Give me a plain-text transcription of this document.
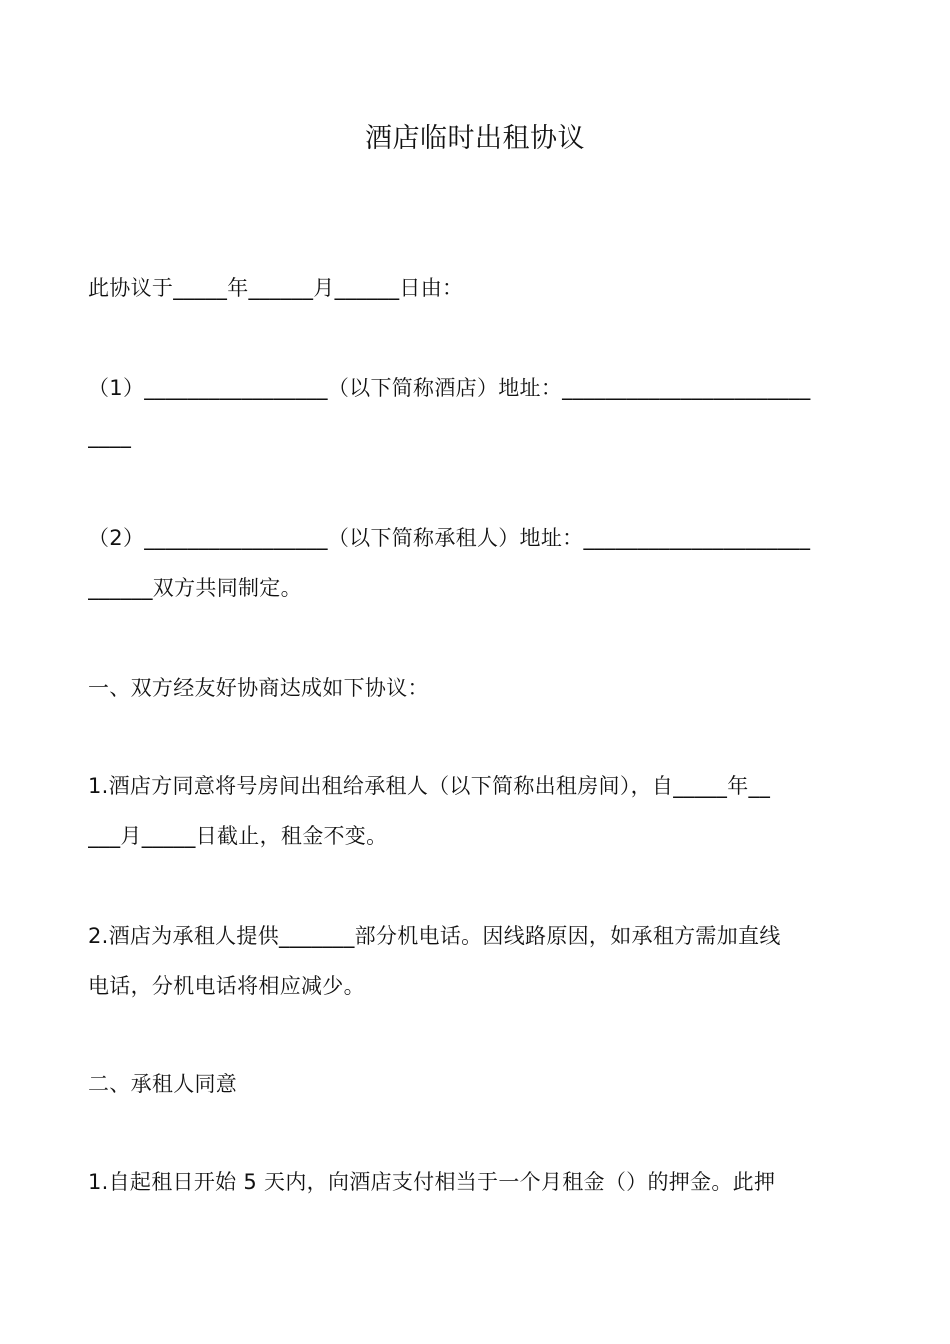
酒店临时出租协议
此协议于_____年______月______日由：
（1）_________________（以下简称酒店）地址：_______________________
____
（2）_________________（以下简称承租人）地址：_____________________
______双方共同制定。
一、双方经友好协商达成如下协议：
1.酒店方同意将号房间出租给承租人（以下简称出租房间），自_____年__
___月_____日截止，租金不变。
2.酒店为承租人提供_______部分机电话。因线路原因，如承租方需加直线
电话，分机电话将相应减少。
二、承租人同意
1.自起租日开始 5 天内，向酒店支付相当于一个月租金（）的押金。此押
